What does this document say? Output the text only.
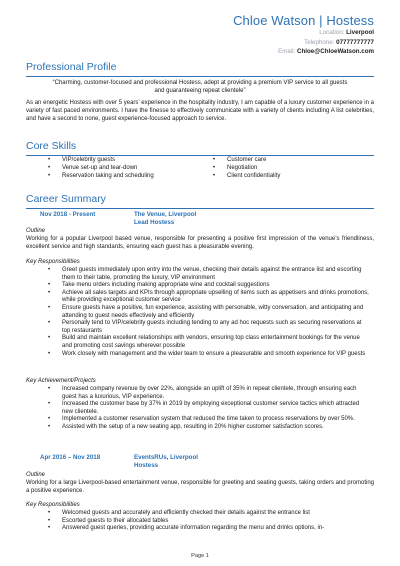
Chloe Watson | Hostess
Location: Liverpool
Telephone: 07777777777
Email: Chloe@ChloeWatson.com
Professional Profile
“Charming, customer-focused and professional Hostess, adept at providing a premium VIP service to all guests and guaranteeing repeat clientele”
As an energetic Hostess with over 5 years’ experience in the hospitality industry, I am capable of a luxury customer experience in a variety of fast paced environments. I have the finesse to effectively communicate with a variety of clients including A list celebrities, and have a second to none, guest experience-focused approach to service.
Core Skills
• VIP/celebrity guests
• Venue set-up and tear-down
• Reservation taking and scheduling
• Customer care
• Negotiation
• Client confidentiality
Career Summary
Nov 2018 - Present	The Venue, Liverpool
Lead Hostess
Outline
Working for a popular Liverpool based venue, responsible for presenting a positive first impression of the venue’s friendliness, excellent service and high standards, ensuring each guest has a pleasurable evening.
Key Responsibilities
• Greet guests immediately upon entry into the venue, checking their details against the entrance list and escorting them to their table, promoting the luxury, VIP environment
• Take menu orders including making appropriate wine and cocktail suggestions
• Achieve all sales targets and KPIs through appropriate upselling of items such as appetisers and drinks promotions, while providing exceptional customer service
• Ensure guests have a positive, fun experience, assisting with personable, witty conversation, and anticipating and attending to guest needs effectively and efficiently
• Personally tend to VIP/celebrity guests including tending to any ad hoc requests such as securing reservations at top restaurants
• Build and maintain excellent relationships with vendors, ensuring top class entertainment bookings for the venue and promoting cost savings wherever possible
• Work closely with management and the wider team to ensure a pleasurable and smooth experience for VIP guests
Key Achievement/Projects
• Increased company revenue by over 22%, alongside an uplift of 35% in repeat clientele, through ensuring each guest has a luxurious, VIP experience.
• Increased the customer base by 37% in 2019 by employing exceptional customer service tactics which attracted new clientele.
• Implemented a customer reservation system that reduced the time taken to process reservations by over 50%.
• Assisted with the setup of a new seating app, resulting in 20% higher customer satisfaction scores.
Apr 2016 – Nov 2018	EventsRUs, Liverpool
Hostess
Outline
Working for a large Liverpool-based entertainment venue, responsible for greeting and seating guests, taking orders and promoting a positive experience.
Key Responsibilities
• Welcomed guests and accurately and efficiently checked their details against the entrance list
• Escorted guests to their allocated tables
• Answered guest queries, providing accurate information regarding the menu and drinks options, in-
Page 1
